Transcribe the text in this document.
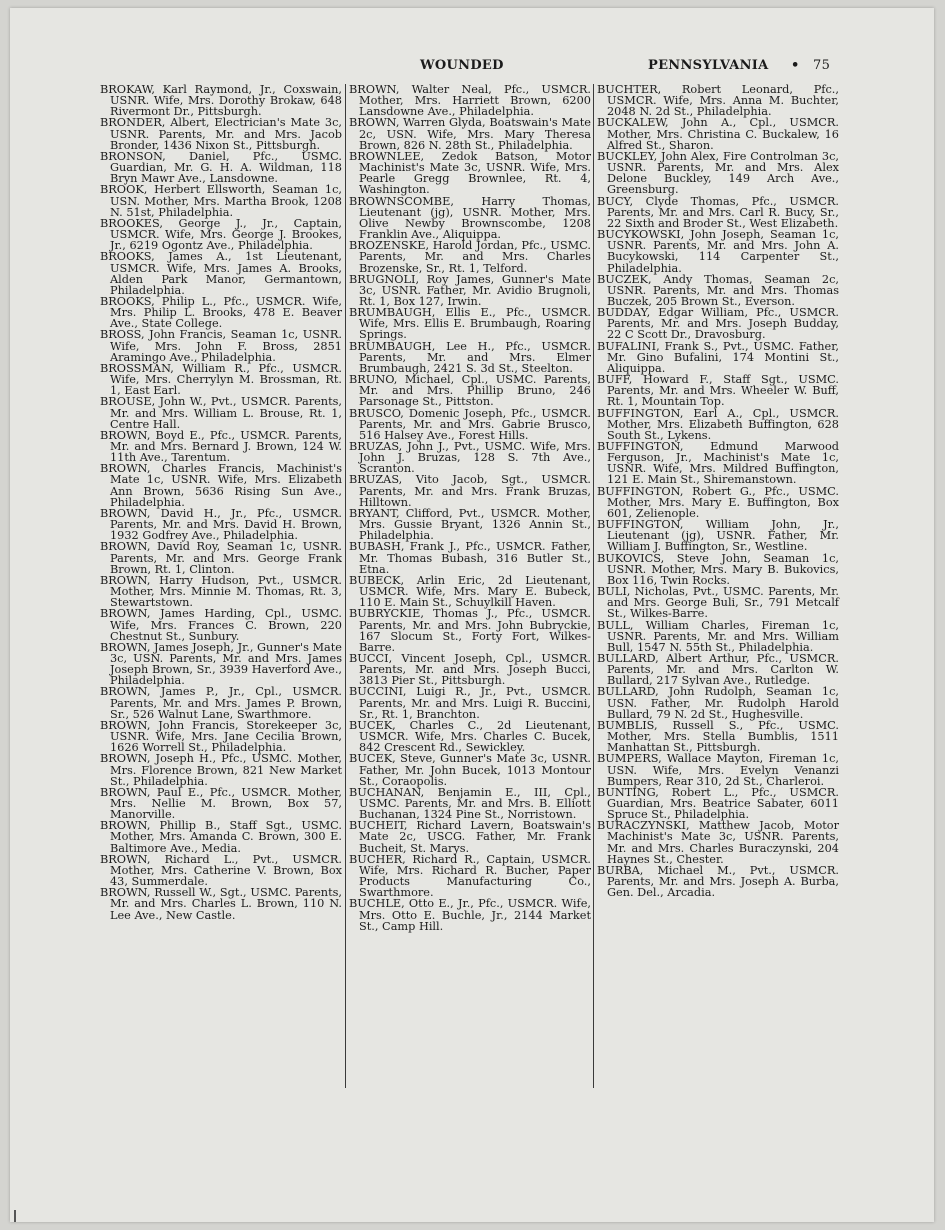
WOUNDED	PENNSYLVANIA • 75

BROKAW, Karl Raymond, Jr., Coxswain, USNR. Wife, Mrs. Dorothy Brokaw, 648 Rivermont Dr., Pittsburgh.

BRONDER, Albert, Electrician's Mate 3c, USNR. Parents, Mr. and Mrs. Jacob Bronder, 1436 Nixon St., Pittsburgh.

BRONSON, Daniel, Pfc., USMC. Guardian, Mr. G. H. A. Wildman, 118 Bryn Mawr Ave., Lansdowne.

BROOK, Herbert Ellsworth, Seaman 1c, USN. Mother, Mrs. Martha Brook, 1208 N. 51st, Philadelphia.

BROOKES, George J., Jr., Captain, USMCR. Wife, Mrs. George J. Brookes, Jr., 6219 Ogontz Ave., Philadelphia.

BROOKS, James A., 1st Lieutenant, USMCR. Wife, Mrs. James A. Brooks, Alden Park Manor, Germantown, Philadelphia.

BROOKS, Philip L., Pfc., USMCR. Wife, Mrs. Philip L. Brooks, 478 E. Beaver Ave., State College.

BROSS, John Francis, Seaman 1c, USNR. Wife, Mrs. John F. Bross, 2851 Aramingo Ave., Philadelphia.

BROSSMAN, William R., Pfc., USMCR. Wife, Mrs. Cherrylyn M. Brossman, Rt. 1, East Earl.

BROUSE, John W., Pvt., USMCR. Parents, Mr. and Mrs. William L. Brouse, Rt. 1, Centre Hall.

BROWN, Boyd E., Pfc., USMCR. Parents, Mr. and Mrs. Bernard J. Brown, 124 W. 11th Ave., Tarentum.

BROWN, Charles Francis, Machinist's Mate 1c, USNR. Wife, Mrs. Elizabeth Ann Brown, 5636 Rising Sun Ave., Philadelphia.

BROWN, David H., Jr., Pfc., USMCR. Parents, Mr. and Mrs. David H. Brown, 1932 Godfrey Ave., Philadelphia.

BROWN, David Roy, Seaman 1c, USNR. Parents, Mr. and Mrs. George Frank Brown, Rt. 1, Clinton.

BROWN, Harry Hudson, Pvt., USMCR. Mother, Mrs. Minnie M. Thomas, Rt. 3, Stewartstown.

BROWN, James Harding, Cpl., USMC. Wife, Mrs. Frances C. Brown, 220 Chestnut St., Sunbury.

BROWN, James Joseph, Jr., Gunner's Mate 3c, USN. Parents, Mr. and Mrs. James Joseph Brown, Sr., 3939 Haverford Ave., Philadelphia.

BROWN, James P., Jr., Cpl., USMCR. Parents, Mr. and Mrs. James P. Brown, Sr., 526 Walnut Lane, Swarthmore.

BROWN, John Francis, Storekeeper 3c, USNR. Wife, Mrs. Jane Cecilia Brown, 1626 Worrell St., Philadelphia.

BROWN, Joseph H., Pfc., USMC. Mother, Mrs. Florence Brown, 821 New Market St., Philadelphia.

BROWN, Paul E., Pfc., USMCR. Mother, Mrs. Nellie M. Brown, Box 57, Manorville.

BROWN, Phillip B., Staff Sgt., USMC. Mother, Mrs. Amanda C. Brown, 300 E. Baltimore Ave., Media.

BROWN, Richard L., Pvt., USMCR. Mother, Mrs. Catherine V. Brown, Box 43, Summerdale.

BROWN, Russell W., Sgt., USMC. Parents, Mr. and Mrs. Charles L. Brown, 110 N. Lee Ave., New Castle.

BROWN, Walter Neal, Pfc., USMCR. Mother, Mrs. Harriett Brown, 6200 Lansdowne Ave., Philadelphia.

BROWN, Warren Glyda, Boatswain's Mate 2c, USN. Wife, Mrs. Mary Theresa Brown, 826 N. 28th St., Philadelphia.

BROWNLEE, Zedok Batson, Motor Machinist's Mate 3c, USNR. Wife, Mrs. Pearle Gregg Brownlee, Rt. 4, Washington.

BROWNSCOMBE, Harry Thomas, Lieutenant (jg), USNR. Mother, Mrs. Olive Newby Brownscombe, 1208 Franklin Ave., Aliquippa.

BROZENSKE, Harold Jordan, Pfc., USMC. Parents, Mr. and Mrs. Charles Brozenske, Sr., Rt. 1, Telford.

BRUGNOLI, Roy James, Gunner's Mate 3c, USNR. Father, Mr. Avidio Brugnoli, Rt. 1, Box 127, Irwin.

BRUMBAUGH, Ellis E., Pfc., USMCR. Wife, Mrs. Ellis E. Brumbaugh, Roaring Springs.

BRUMBAUGH, Lee H., Pfc., USMCR. Parents, Mr. and Mrs. Elmer Brumbaugh, 2421 S. 3d St., Steelton.

BRUNO, Michael, Cpl., USMC. Parents, Mr. and Mrs. Phillip Bruno, 246 Parsonage St., Pittston.

BRUSCO, Domenic Joseph, Pfc., USMCR. Parents, Mr. and Mrs. Gabrie Brusco, 516 Halsey Ave., Forest Hills.

BRUZAS, John J., Pvt., USMC. Wife, Mrs. John J. Bruzas, 128 S. 7th Ave., Scranton.

BRUZAS, Vito Jacob, Sgt., USMCR. Parents, Mr. and Mrs. Frank Bruzas, Hilltown.

BRYANT, Clifford, Pvt., USMCR. Mother, Mrs. Gussie Bryant, 1326 Annin St., Philadelphia.

BUBASH, Frank J., Pfc., USMCR. Father, Mr. Thomas Bubash, 316 Butler St., Etna.

BUBECK, Arlin Eric, 2d Lieutenant, USMCR. Wife, Mrs. Mary E. Bubeck, 110 E. Main St., Schuylkill Haven.

BUBRYCKIE, Thomas J., Pfc., USMCR. Parents, Mr. and Mrs. John Bubryckie, 167 Slocum St., Forty Fort, Wilkes-Barre.

BUCCI, Vincent Joseph, Cpl., USMCR. Parents, Mr. and Mrs. Joseph Bucci, 3813 Pier St., Pittsburgh.

BUCCINI, Luigi R., Jr., Pvt., USMCR. Parents, Mr. and Mrs. Luigi R. Buccini, Sr., Rt. 1, Branchton.

BUCEK, Charles C., 2d Lieutenant, USMCR. Wife, Mrs. Charles C. Bucek, 842 Crescent Rd., Sewickley.

BUCEK, Steve, Gunner's Mate 3c, USNR. Father, Mr. John Bucek, 1013 Montour St., Coraopolis.

BUCHANAN, Benjamin E., III, Cpl., USMC. Parents, Mr. and Mrs. B. Elliott Buchanan, 1324 Pine St., Norristown.

BUCHEIT, Richard Lavern, Boatswain's Mate 2c, USCG. Father, Mr. Frank Bucheit, St. Marys.

BUCHER, Richard R., Captain, USMCR. Wife, Mrs. Richard R. Bucher, Paper Products Manufacturing Co., Swarthmore.

BUCHLE, Otto E., Jr., Pfc., USMCR. Wife, Mrs. Otto E. Buchle, Jr., 2144 Market St., Camp Hill.

BUCHTER, Robert Leonard, Pfc., USMCR. Wife, Mrs. Anna M. Buchter, 2048 N. 2d St., Philadelphia.

BUCKALEW, John A., Cpl., USMCR. Mother, Mrs. Christina C. Buckalew, 16 Alfred St., Sharon.

BUCKLEY, John Alex, Fire Controlman 3c, USNR. Parents, Mr. and Mrs. Alex Delone Buckley, 149 Arch Ave., Greensburg.

BUCY, Clyde Thomas, Pfc., USMCR. Parents, Mr. and Mrs. Carl R. Bucy, Sr., 22 Sixth and Broder St., West Elizabeth.

BUCYKOWSKI, John Joseph, Seaman 1c, USNR. Parents, Mr. and Mrs. John A. Bucykowski, 114 Carpenter St., Philadelphia.

BUCZEK, Andy Thomas, Seaman 2c, USNR. Parents, Mr. and Mrs. Thomas Buczek, 205 Brown St., Everson.

BUDDAY, Edgar William, Pfc., USMCR. Parents, Mr. and Mrs. Joseph Budday, 22 C Scott Dr., Dravosburg.

BUFALINI, Frank S., Pvt., USMC. Father, Mr. Gino Bufalini, 174 Montini St., Aliquippa.

BUFF, Howard F., Staff Sgt., USMC. Parents, Mr. and Mrs. Wheeler W. Buff, Rt. 1, Mountain Top.

BUFFINGTON, Earl A., Cpl., USMCR. Mother, Mrs. Elizabeth Buffington, 628 South St., Lykens.

BUFFINGTON, Edmund Marwood Ferguson, Jr., Machinist's Mate 1c, USNR. Wife, Mrs. Mildred Buffington, 121 E. Main St., Shiremanstown.

BUFFINGTON, Robert G., Pfc., USMC. Mother, Mrs. Mary E. Buffington, Box 601, Zelienople.

BUFFINGTON, William John, Jr., Lieutenant (jg), USNR. Father, Mr. William J. Buffington, Sr., Westline.

BUKOVICS, Steve John, Seaman 1c, USNR. Mother, Mrs. Mary B. Bukovics, Box 116, Twin Rocks.

BULI, Nicholas, Pvt., USMC. Parents, Mr. and Mrs. George Buli, Sr., 791 Metcalf St., Wilkes-Barre.

BULL, William Charles, Fireman 1c, USNR. Parents, Mr. and Mrs. William Bull, 1547 N. 55th St., Philadelphia.

BULLARD, Albert Arthur, Pfc., USMCR. Parents, Mr. and Mrs. Carlton W. Bullard, 217 Sylvan Ave., Rutledge.

BULLARD, John Rudolph, Seaman 1c, USN. Father, Mr. Rudolph Harold Bullard, 79 N. 2d St., Hughesville.

BUMBLIS, Russell S., Pfc., USMC. Mother, Mrs. Stella Bumblis, 1511 Manhattan St., Pittsburgh.

BUMPERS, Wallace Mayton, Fireman 1c, USN. Wife, Mrs. Evelyn Venanzi Bumpers, Rear 310, 2d St., Charleroi.

BUNTING, Robert L., Pfc., USMCR. Guardian, Mrs. Beatrice Sabater, 6011 Spruce St., Philadelphia.

BURACZYNSKI, Matthew Jacob, Motor Machinist's Mate 3c, USNR. Parents, Mr. and Mrs. Charles Buraczynski, 204 Haynes St., Chester.

BURBA, Michael M., Pvt., USMCR. Parents, Mr. and Mrs. Joseph A. Burba, Gen. Del., Arcadia.
